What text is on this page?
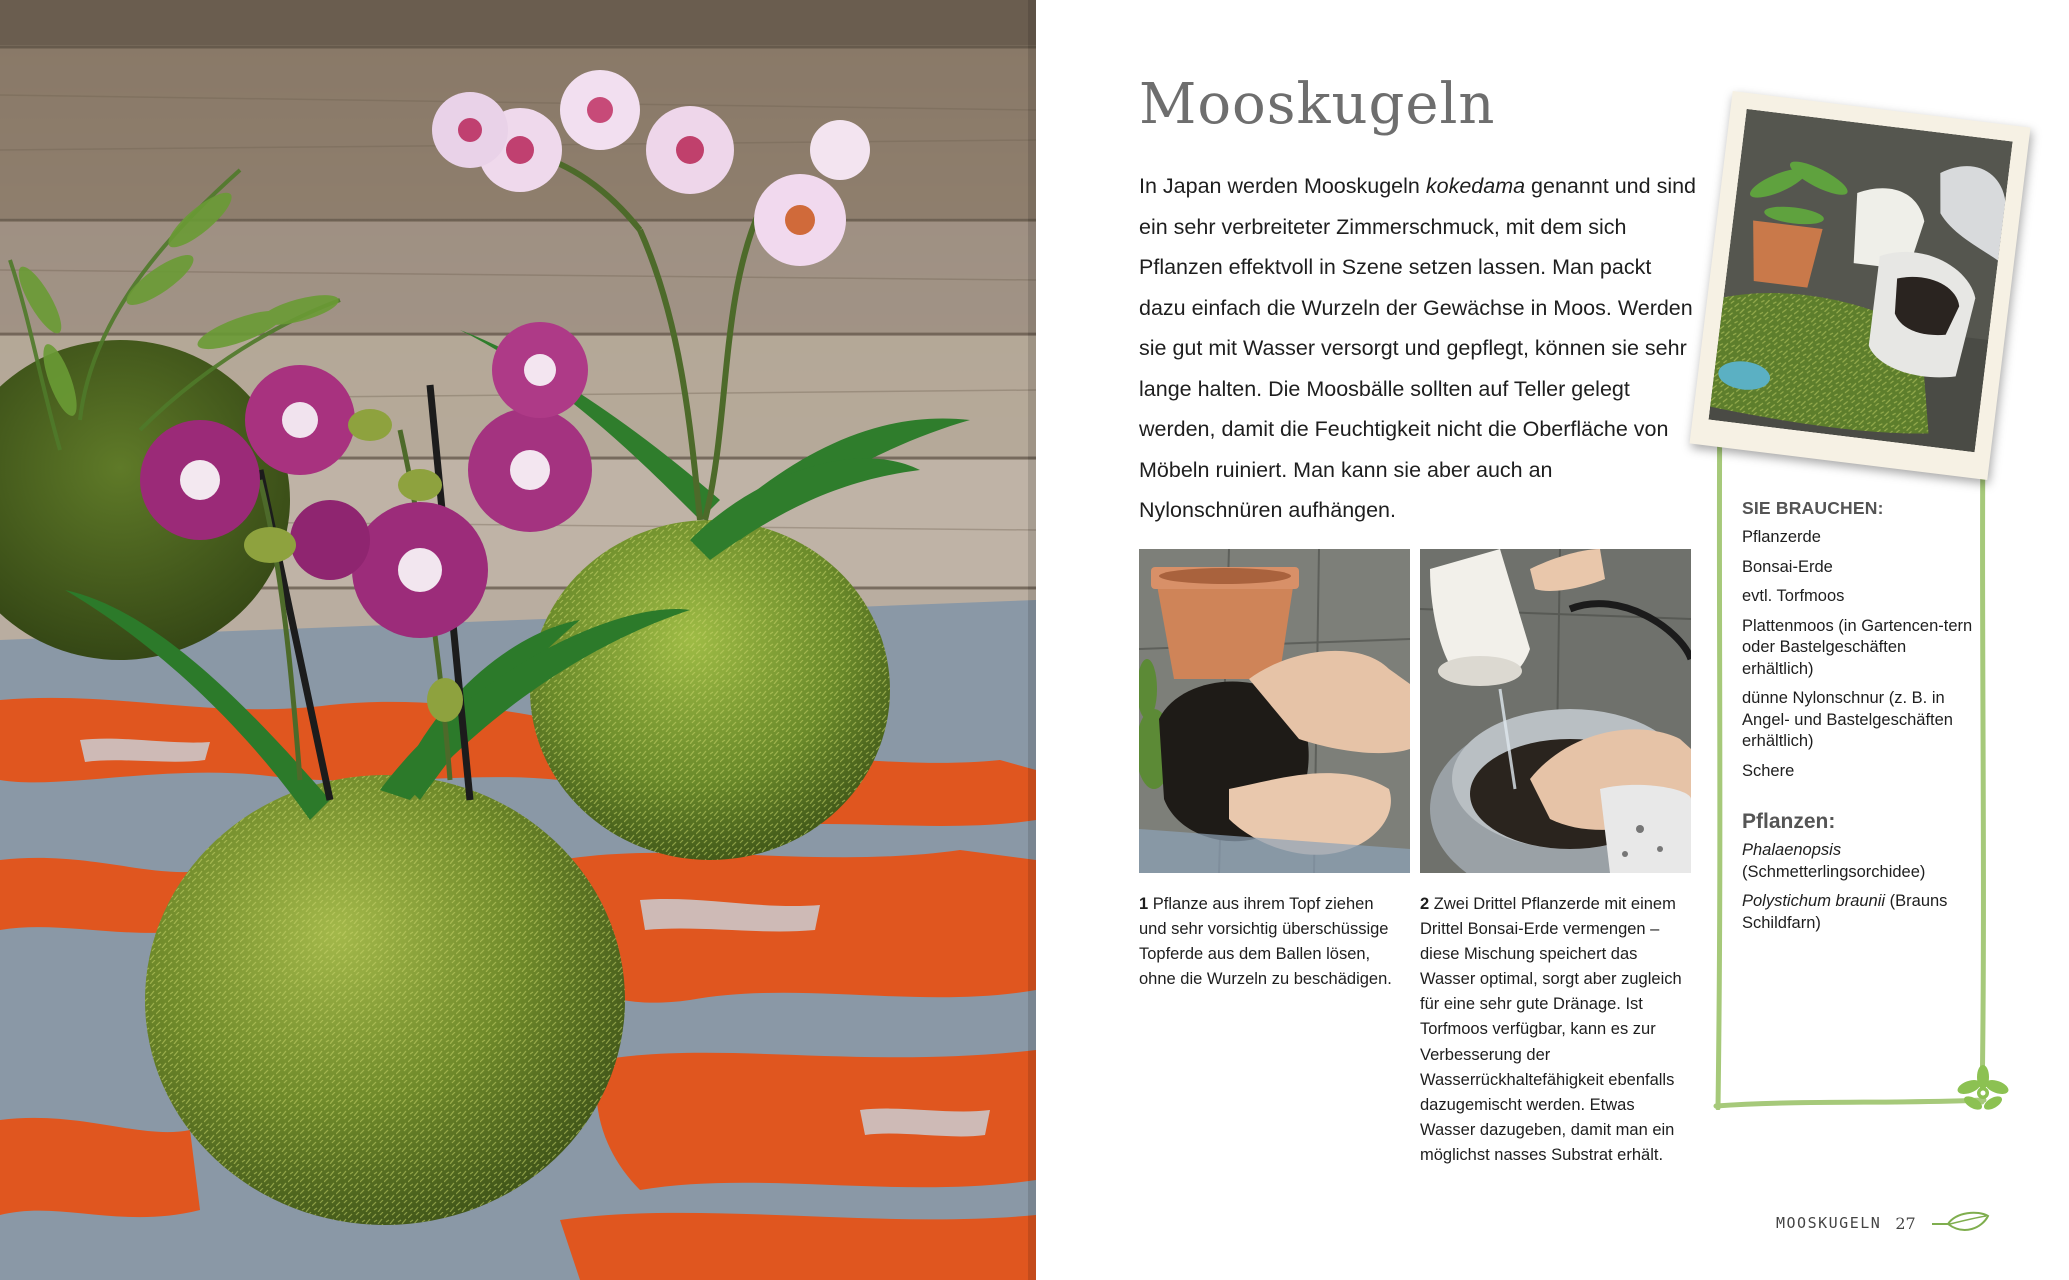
Mooskugeln

In Japan werden Mooskugeln kokedama genannt und sind ein sehr verbreiteter Zimmerschmuck, mit dem sich Pflanzen effektvoll in Szene setzen lassen. Man packt dazu einfach die Wurzeln der Gewächse in Moos. Werden sie gut mit Wasser versorgt und gepflegt, können sie sehr lange halten. Die Moosbälle sollten auf Teller gelegt werden, damit die Feuchtigkeit nicht die Oberfläche von Möbeln ruiniert. Man kann sie aber auch an Nylonschnüren aufhängen.

1 Pflanze aus ihrem Topf ziehen und sehr vorsichtig überschüssige Topferde aus dem Ballen lösen, ohne die Wurzeln zu beschädigen.

2 Zwei Drittel Pflanzerde mit einem Drittel Bonsai-Erde vermengen – diese Mischung speichert das Wasser optimal, sorgt aber zugleich für eine sehr gute Dränage. Ist Torfmoos verfügbar, kann es zur Verbesserung der Wasserrückhaltefähigkeit ebenfalls dazugemischt werden. Etwas Wasser dazugeben, damit man ein möglichst nasses Substrat erhält.

SIE BRAUCHEN:
Pflanzerde
Bonsai-Erde
evtl. Torfmoos
Plattenmoos (in Gartencen-tern oder Bastelgeschäften erhältlich)
dünne Nylonschnur (z. B. in Angel- und Bastelgeschäften erhältlich)
Schere
Pflanzen:
Phalaenopsis (Schmetterlingsorchidee)
Polystichum braunii (Brauns Schildfarn)
MOOSKUGELN 27
